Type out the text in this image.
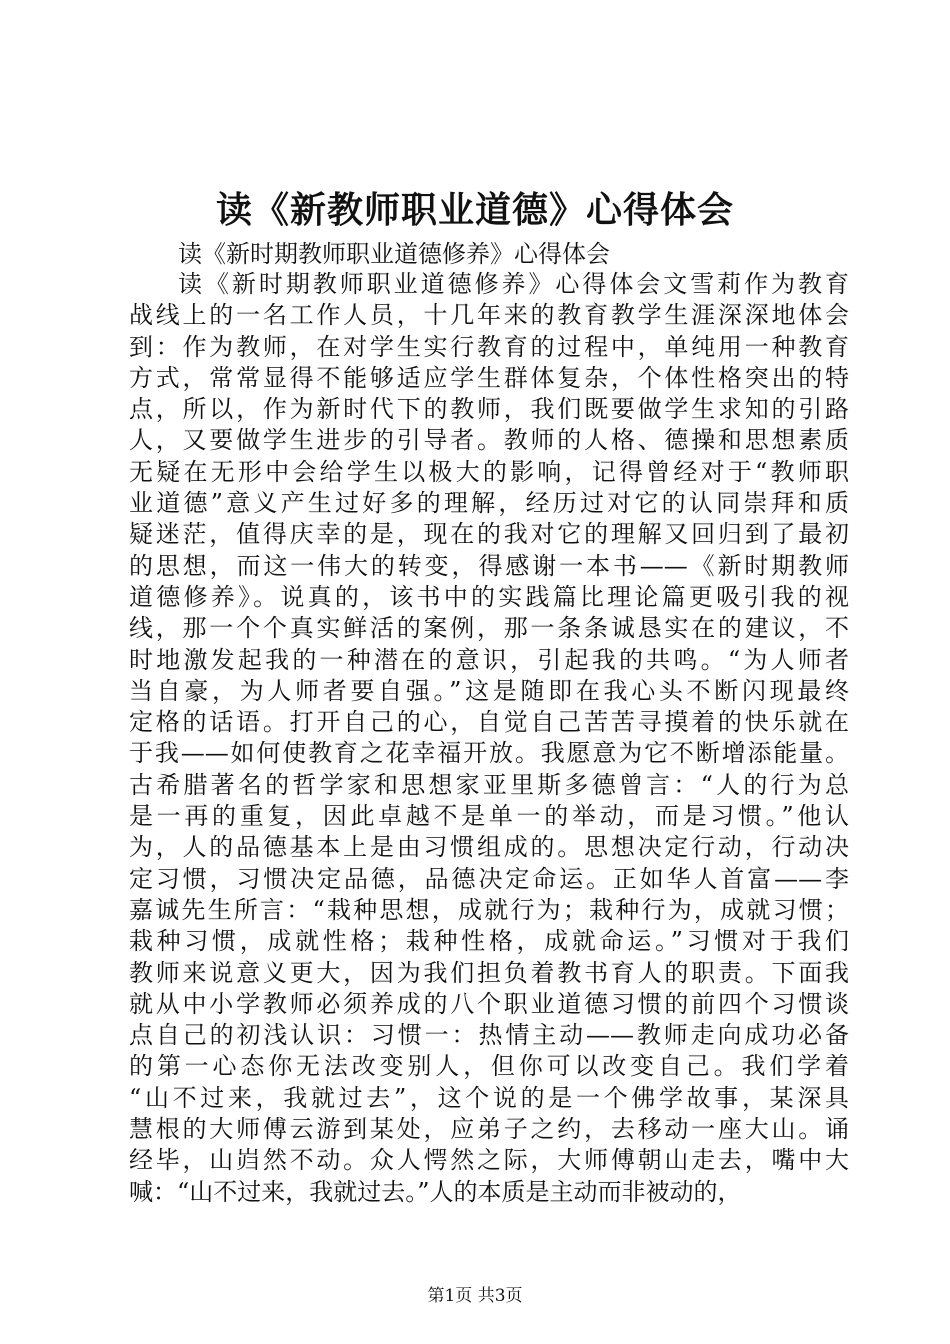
读《新教师职业道德》心得体会
读《新时期教师职业道德修养》心得体会
读《新时期教师职业道德修养》心得体会文雪莉作为教育
战线上的一名工作人员，十几年来的教育教学生涯深深地体会
到：作为教师，在对学生实行教育的过程中，单纯用一种教育
方式，常常显得不能够适应学生群体复杂，个体性格突出的特
点，所以，作为新时代下的教师，我们既要做学生求知的引路
人，又要做学生进步的引导者。教师的人格、德操和思想素质
无疑在无形中会给学生以极大的影响，记得曾经对于“教师职
业道德”意义产生过好多的理解，经历过对它的认同崇拜和质
疑迷茫，值得庆幸的是，现在的我对它的理解又回归到了最初
的思想，而这一伟大的转变，得感谢一本书——《新时期教师
道德修养》。说真的，该书中的实践篇比理论篇更吸引我的视
线，那一个个真实鲜活的案例，那一条条诚恳实在的建议，不
时地激发起我的一种潜在的意识，引起我的共鸣。“为人师者
当自豪，为人师者要自强。”这是随即在我心头不断闪现最终
定格的话语。打开自己的心，自觉自己苦苦寻摸着的快乐就在
于我——如何使教育之花幸福开放。我愿意为它不断增添能量。
古希腊著名的哲学家和思想家亚里斯多德曾言：“人的行为总
是一再的重复，因此卓越不是单一的举动，而是习惯。”他认
为，人的品德基本上是由习惯组成的。思想决定行动，行动决
定习惯，习惯决定品德，品德决定命运。正如华人首富——李
嘉诚先生所言：“栽种思想，成就行为；栽种行为，成就习惯；
栽种习惯，成就性格；栽种性格，成就命运。”习惯对于我们
教师来说意义更大，因为我们担负着教书育人的职责。下面我
就从中小学教师必须养成的八个职业道德习惯的前四个习惯谈
点自己的初浅认识：习惯一：热情主动——教师走向成功必备
的第一心态你无法改变别人，但你可以改变自己。我们学着
“山不过来，我就过去”，这个说的是一个佛学故事，某深具
慧根的大师傅云游到某处，应弟子之约，去移动一座大山。诵
经毕，山岿然不动。众人愕然之际，大师傅朝山走去，嘴中大
喊：“山不过来，我就过去。”人的本质是主动而非被动的，
第1页 共3页
